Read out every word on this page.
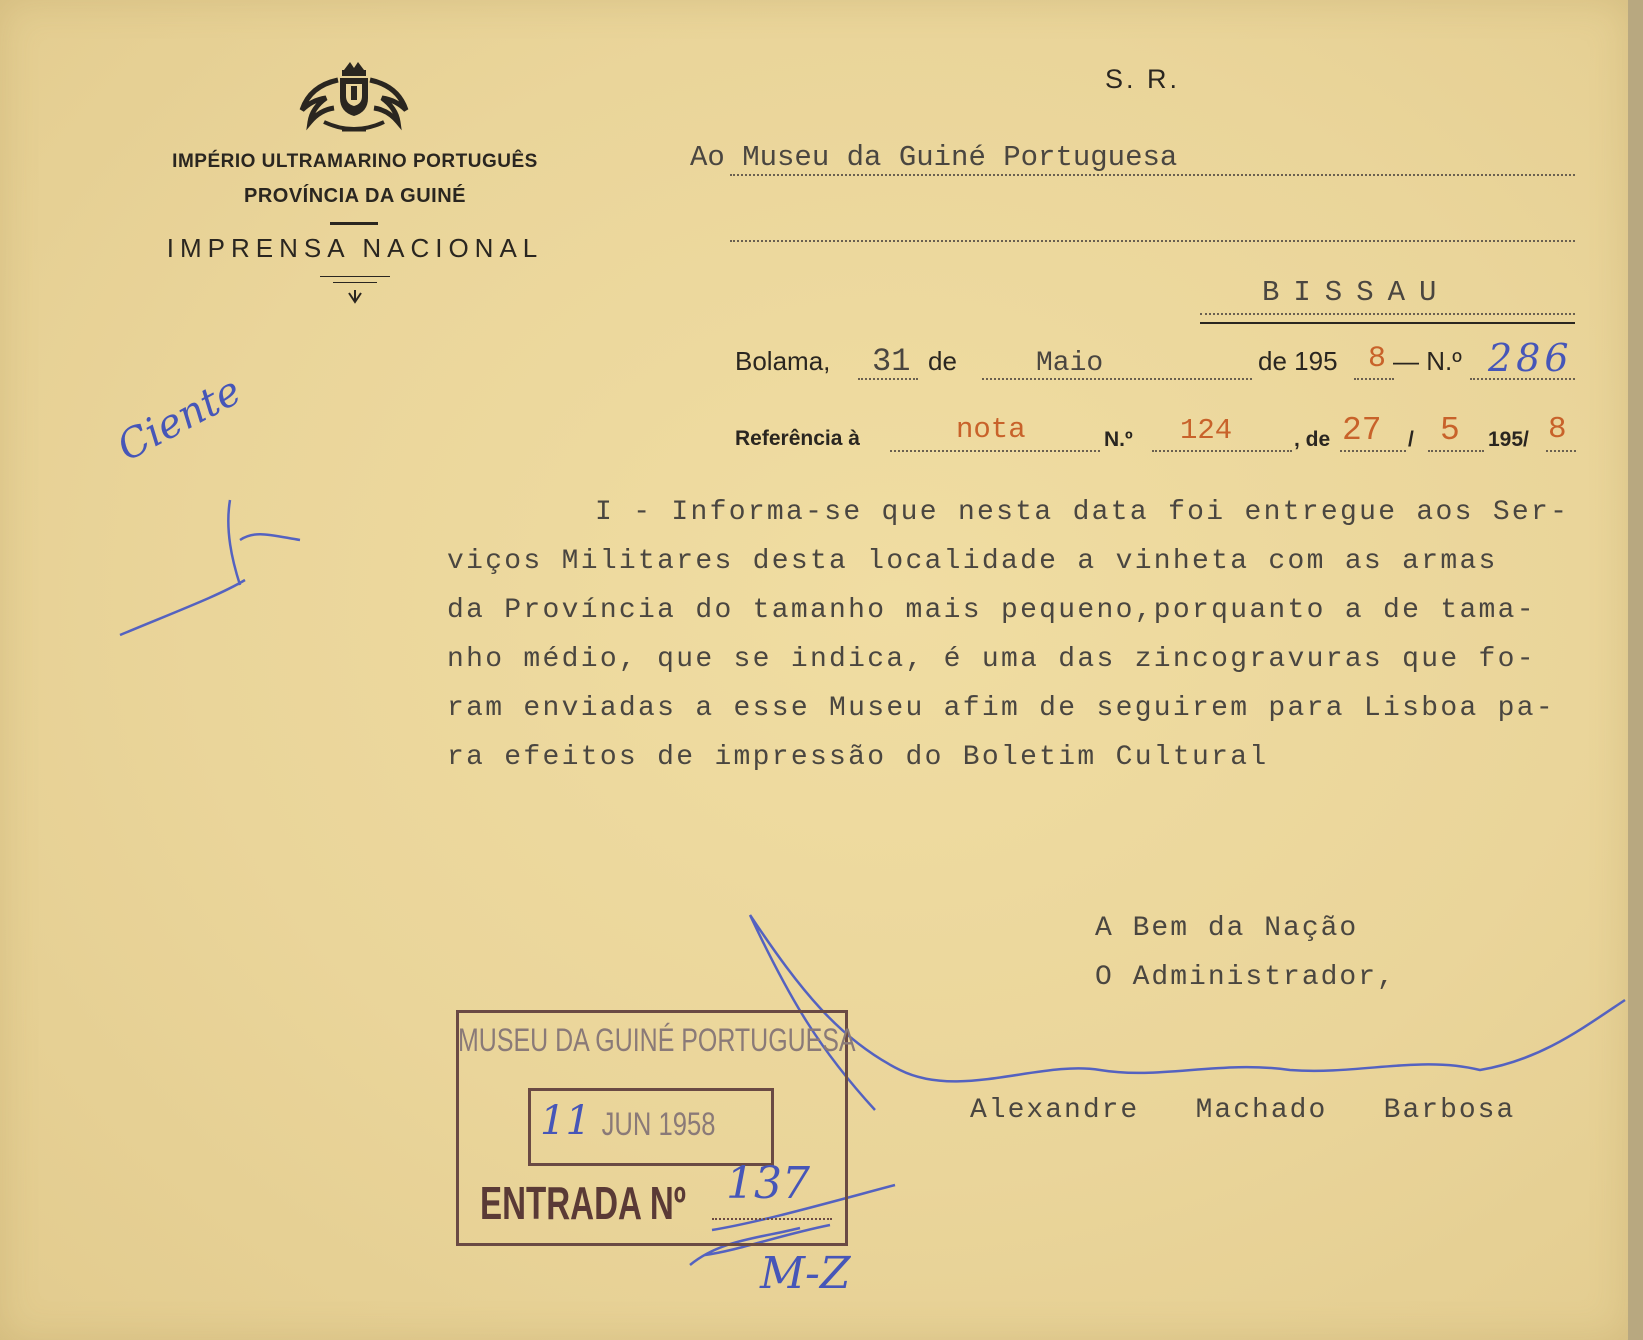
IMPÉRIO ULTRAMARINO PORTUGUÊS
PROVÍNCIA DA GUINÉ
IMPRENSA NACIONAL
S. R.
Ao Museu da Guiné Portuguesa
BISSAU
Bolama, 31 de	Maio	de 195 8 — N.º 286
Referência à	nota	N.º 124	, de 27 / 5 195/ 8
I - Informa-se que nesta data foi entregue aos Ser-
viços Militares desta localidade a vinheta com as armas
da Província do tamanho mais pequeno,porquanto a de tama-
nho médio, que se indica, é uma das zincogravuras que fo-
ram enviadas a esse Museu afim de seguirem para Lisboa pa-
ra efeitos de impressão do Boletim Cultural
A Bem da Nação
O Administrador,
Alexandre   Machado   Barbosa
MUSEU DA GUINÉ PORTUGUESA
11 JUN 1958
ENTRADA Nº 137
Ciente
M-Z
